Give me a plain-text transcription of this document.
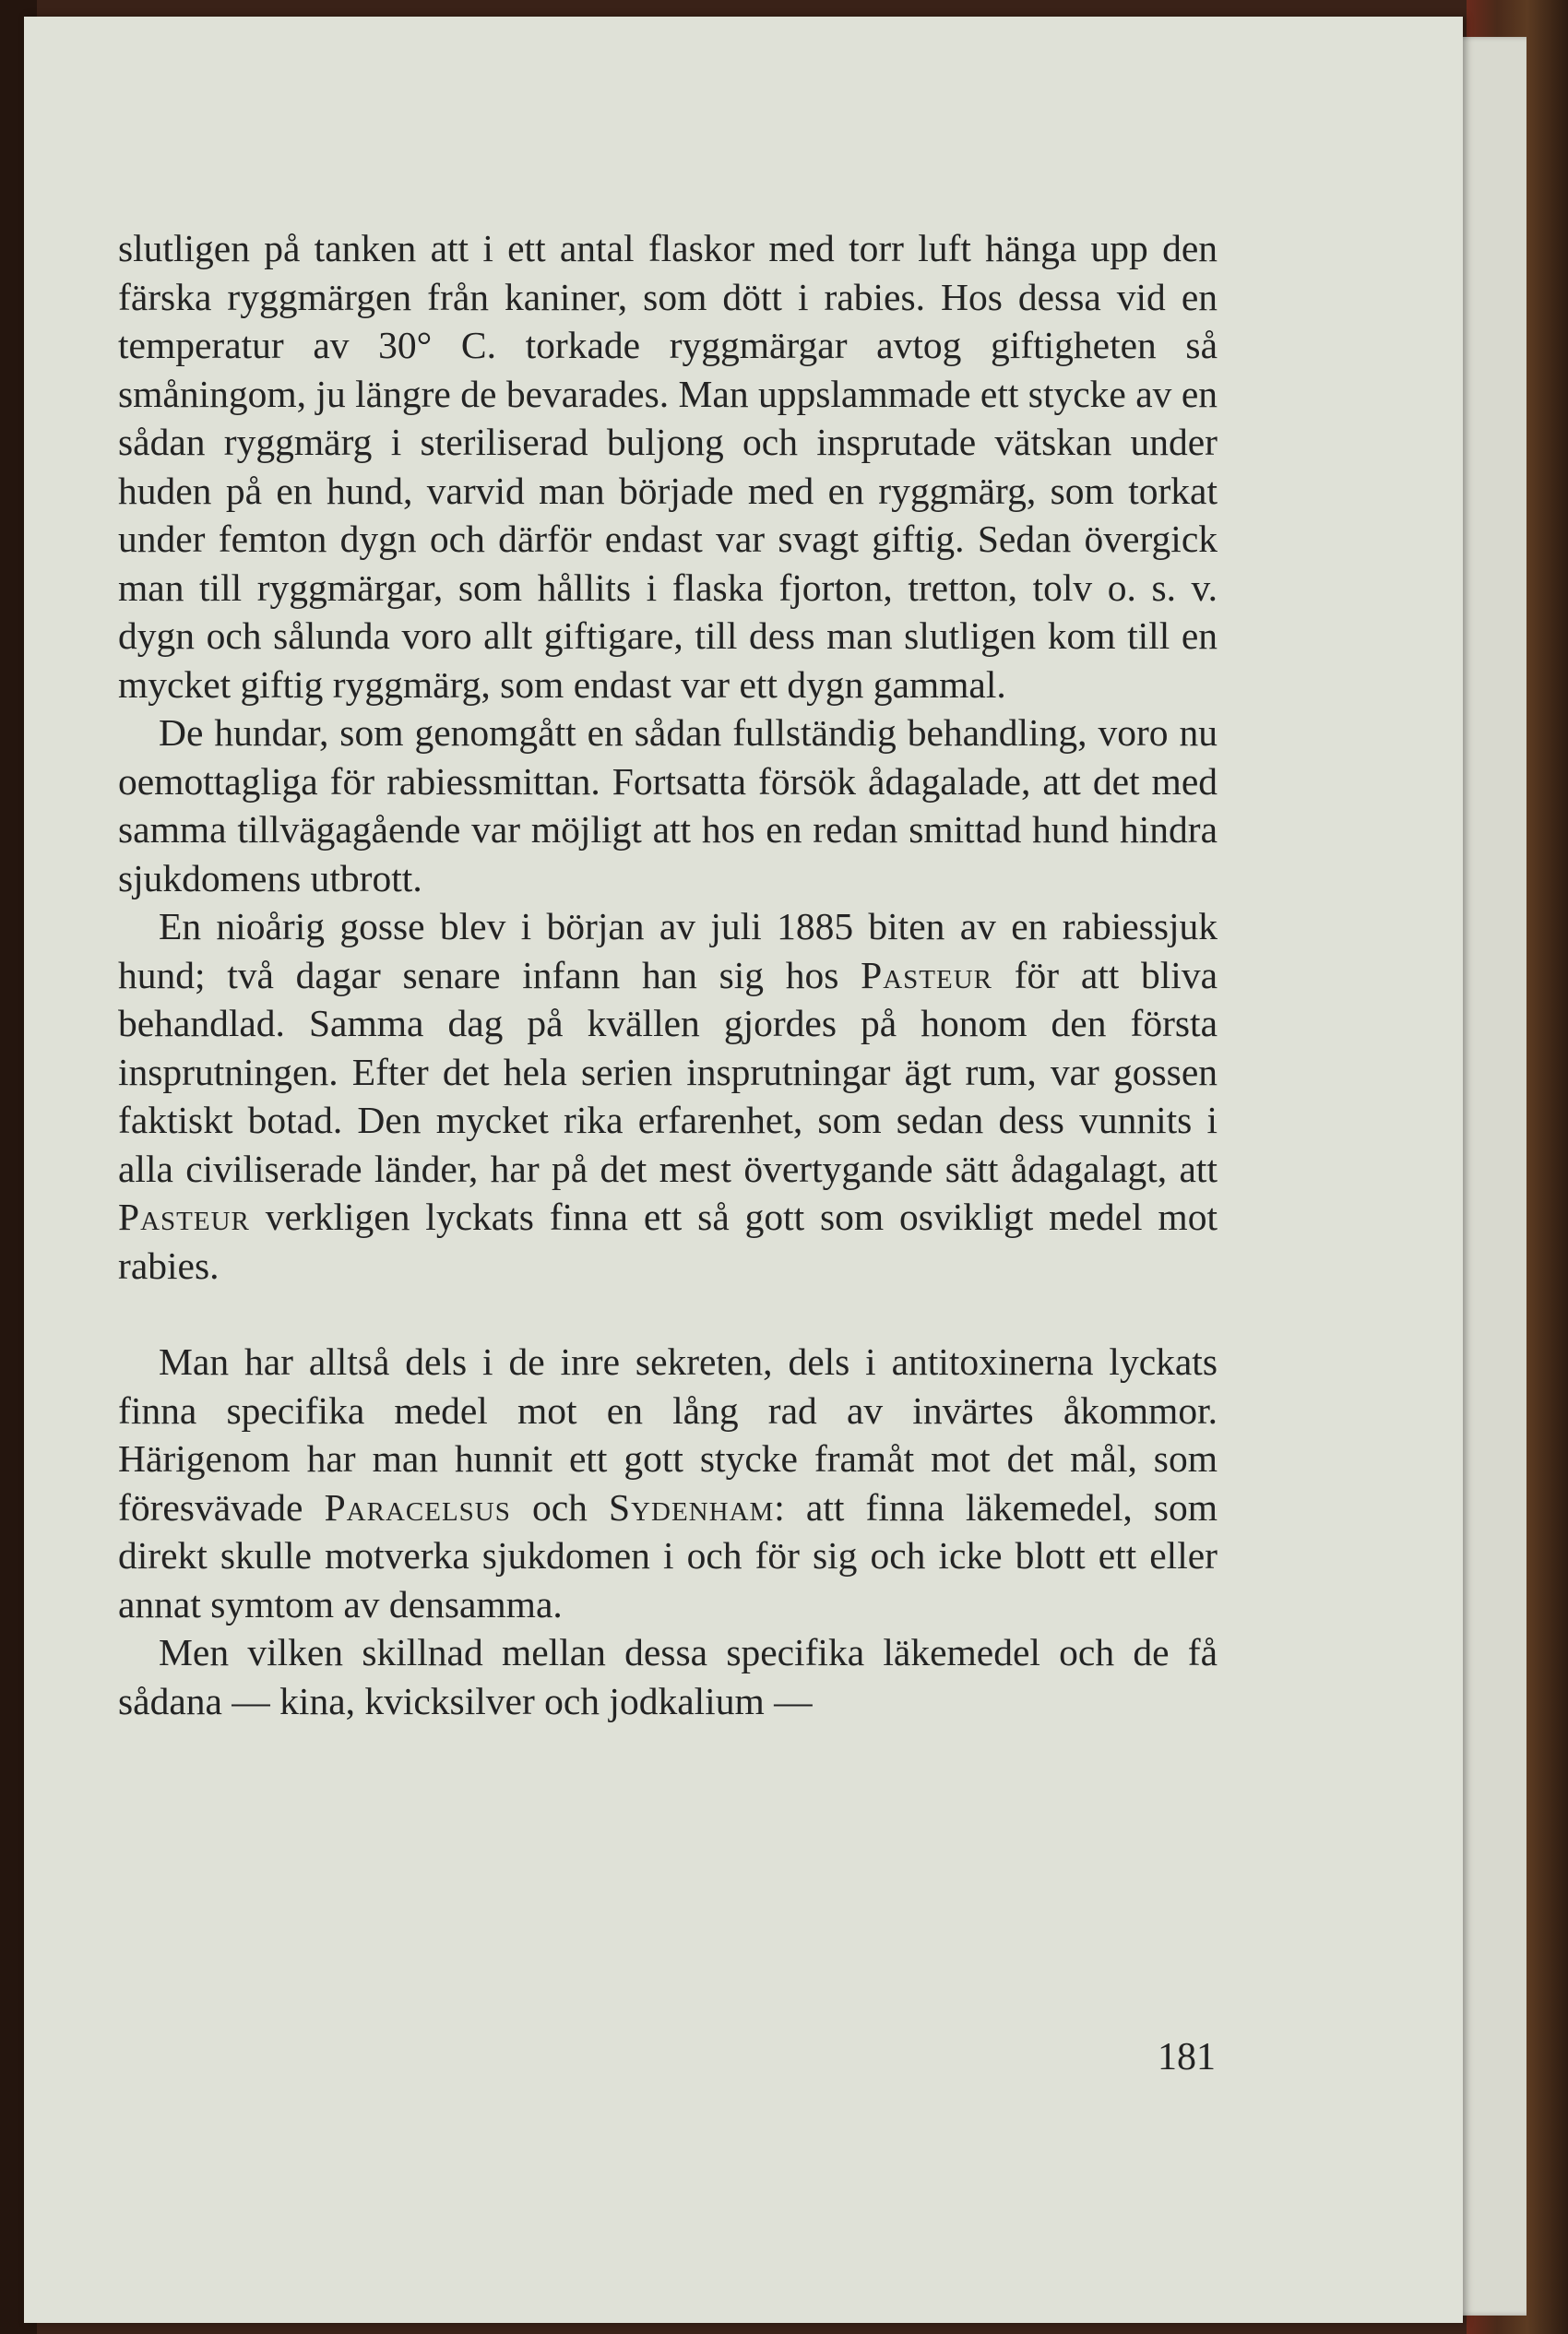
slutligen på tanken att i ett antal flaskor med torr luft hänga upp den färska ryggmärgen från kaniner, som dött i rabies. Hos dessa vid en temperatur av 30° C. torkade ryggmärgar avtog giftigheten så småningom, ju längre de bevarades. Man uppslammade ett stycke av en sådan ryggmärg i steriliserad buljong och insprutade vätskan under huden på en hund, varvid man började med en ryggmärg, som torkat under femton dygn och därför endast var svagt giftig. Sedan övergick man till ryggmärgar, som hållits i flaska fjorton, tretton, tolv o. s. v. dygn och sålunda voro allt giftigare, till dess man slutligen kom till en mycket giftig ryggmärg, som endast var ett dygn gammal.

De hundar, som genomgått en sådan fullständig behandling, voro nu oemottagliga för rabiessmittan. Fortsatta försök ådagalade, att det med samma tillvägagående var möjligt att hos en redan smittad hund hindra sjukdomens utbrott.

En nioårig gosse blev i början av juli 1885 biten av en rabiessjuk hund; två dagar senare infann han sig hos Pasteur för att bliva behandlad. Samma dag på kvällen gjordes på honom den första insprutningen. Efter det hela serien insprutningar ägt rum, var gossen faktiskt botad. Den mycket rika erfarenhet, som sedan dess vunnits i alla civiliserade länder, har på det mest övertygande sätt ådagalagt, att Pasteur verkligen lyckats finna ett så gott som osvikligt medel mot rabies.

Man har alltså dels i de inre sekreten, dels i antitoxinerna lyckats finna specifika medel mot en lång rad av invärtes åkommor. Härigenom har man hunnit ett gott stycke framåt mot det mål, som föresvävade Paracelsus och Sydenham: att finna läkemedel, som direkt skulle motverka sjukdomen i och för sig och icke blott ett eller annat symtom av densamma.

Men vilken skillnad mellan dessa specifika läkemedel och de få sådana — kina, kvicksilver och jodkalium —

181
